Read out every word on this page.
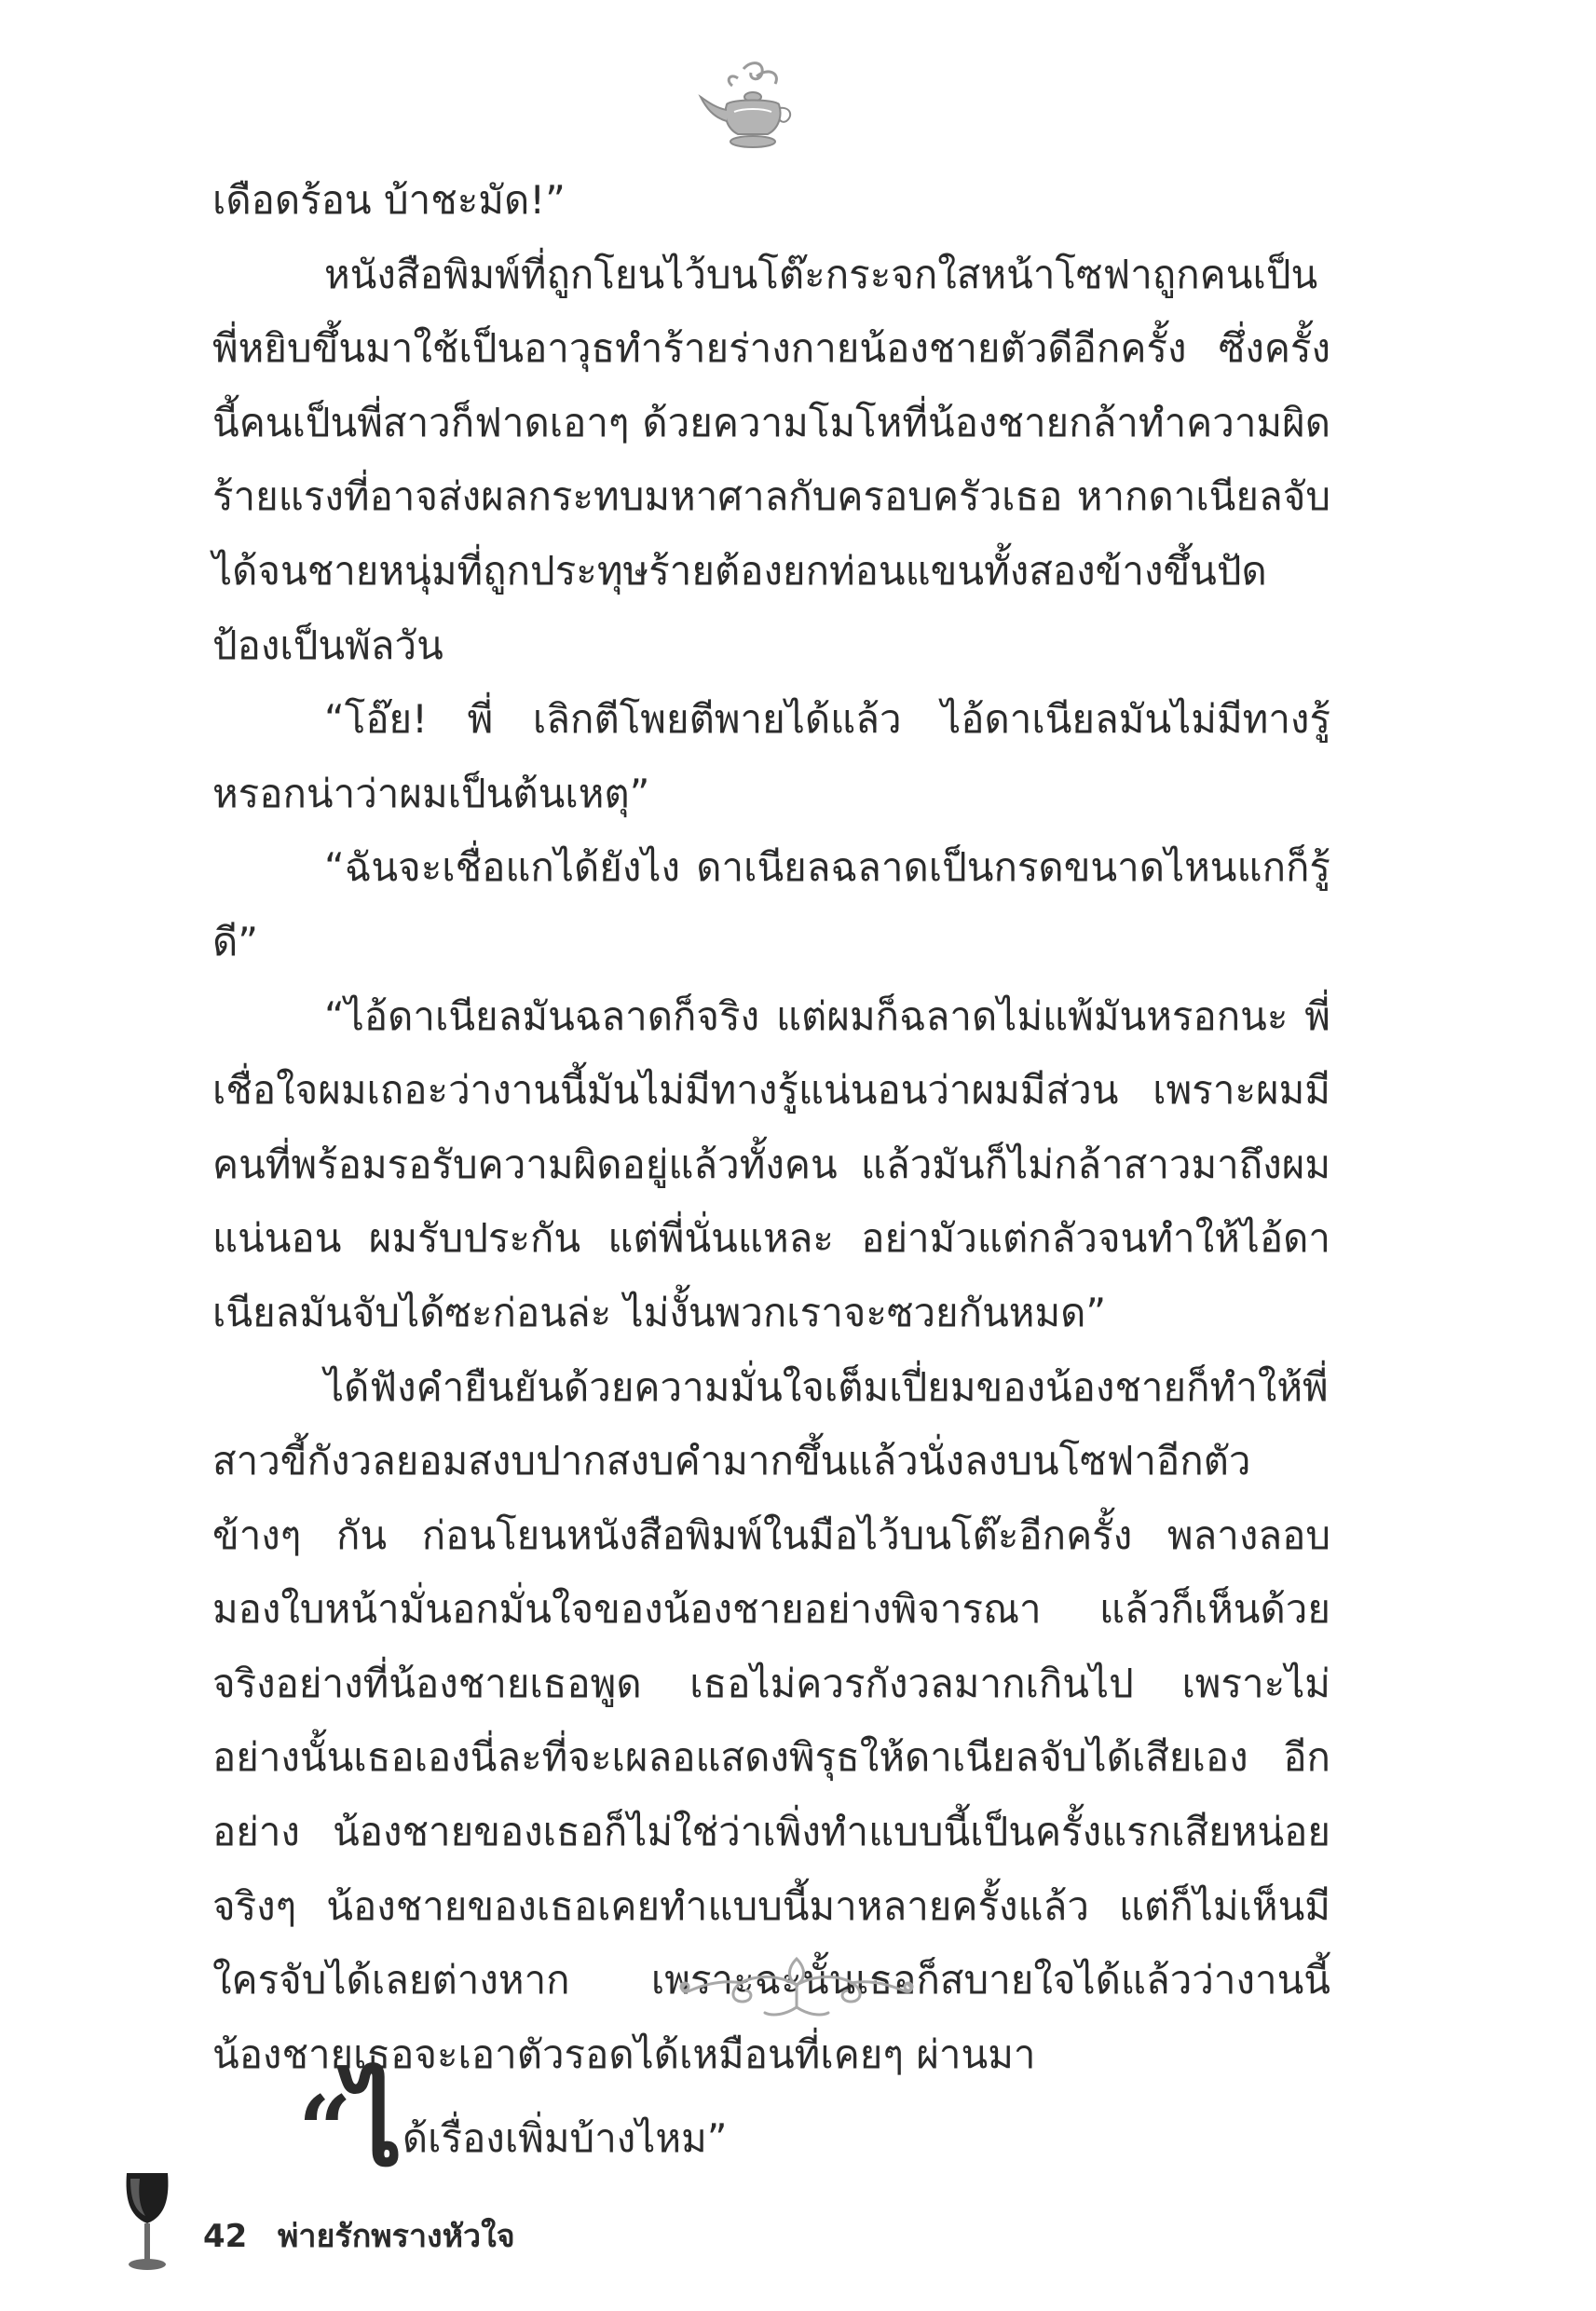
เดือดร้อน บ้าชะมัด!”

หนังสือพิมพ์ที่ถูกโยนไว้บนโต๊ะกระจกใสหน้าโซฟาถูกคนเป็นพี่หยิบขึ้นมาใช้เป็นอาวุธทำร้ายร่างกายน้องชายตัวดีอีกครั้ง ซึ่งครั้งนี้คนเป็นพี่สาวก็ฟาดเอาๆ ด้วยความโมโหที่น้องชายกล้าทำความผิดร้ายแรงที่อาจส่งผลกระทบมหาศาลกับครอบครัวเธอ หากดาเนียลจับได้จนชายหนุ่มที่ถูกประทุษร้ายต้องยกท่อนแขนทั้งสองข้างขึ้นปัดป้องเป็นพัลวัน

“โอ๊ย! พี่ เลิกตีโพยตีพายได้แล้ว ไอ้ดาเนียลมันไม่มีทางรู้หรอกน่าว่าผมเป็นต้นเหตุ”

“ฉันจะเชื่อแกได้ยังไง ดาเนียลฉลาดเป็นกรดขนาดไหนแกก็รู้ดี”

“ไอ้ดาเนียลมันฉลาดก็จริง แต่ผมก็ฉลาดไม่แพ้มันหรอกนะ พี่เชื่อใจผมเถอะว่างานนี้มันไม่มีทางรู้แน่นอนว่าผมมีส่วน เพราะผมมีคนที่พร้อมรอรับความผิดอยู่แล้วทั้งคน แล้วมันก็ไม่กล้าสาวมาถึงผมแน่นอน ผมรับประกัน แต่พี่นั่นแหละ อย่ามัวแต่กลัวจนทำให้ไอ้ดาเนียลมันจับได้ซะก่อนล่ะ ไม่งั้นพวกเราจะซวยกันหมด”

ได้ฟังคำยืนยันด้วยความมั่นใจเต็มเปี่ยมของน้องชายก็ทำให้พี่สาวขี้กังวลยอมสงบปากสงบคำมากขึ้นแล้วนั่งลงบนโซฟาอีกตัวข้างๆ กัน ก่อนโยนหนังสือพิมพ์ในมือไว้บนโต๊ะอีกครั้ง พลางลอบมองใบหน้ามั่นอกมั่นใจของน้องชายอย่างพิจารณา แล้วก็เห็นด้วยจริงอย่างที่น้องชายเธอพูด เธอไม่ควรกังวลมากเกินไป เพราะไม่อย่างนั้นเธอเองนี่ละที่จะเผลอแสดงพิรุธให้ดาเนียลจับได้เสียเอง อีกอย่าง น้องชายของเธอก็ไม่ใช่ว่าเพิ่งทำแบบนี้เป็นครั้งแรกเสียหน่อย จริงๆ น้องชายของเธอเคยทำแบบนี้มาหลายครั้งแล้ว แต่ก็ไม่เห็นมีใครจับได้เลยต่างหาก เพราะฉะนั้นเธอก็สบายใจได้แล้วว่างานนี้น้องชายเธอจะเอาตัวรอดได้เหมือนที่เคยๆ ผ่านมา

“ได้เรื่องเพิ่มบ้างไหม”
42 พ่ายรักพรางหัวใจ
